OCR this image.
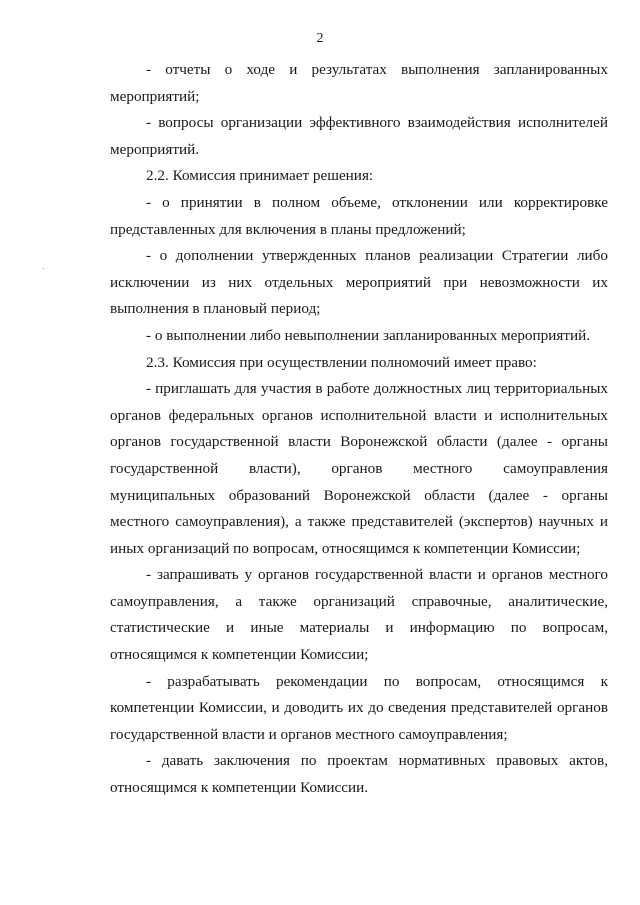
2

- отчеты о ходе и результатах выполнения запланированных мероприятий;

- вопросы организации эффективного взаимодействия исполнителей мероприятий.

2.2. Комиссия принимает решения:

- о принятии в полном объеме, отклонении или корректировке представленных для включения в планы предложений;

- о дополнении утвержденных планов реализации Стратегии либо исключении из них отдельных мероприятий при невозможности их выполнения в плановый период;

- о выполнении либо невыполнении запланированных мероприятий.

2.3. Комиссия при осуществлении полномочий имеет право:

- приглашать для участия в работе должностных лиц территориальных органов федеральных органов исполнительной власти и исполнительных органов государственной власти Воронежской области (далее - органы государственной власти), органов местного самоуправления муниципальных образований Воронежской области (далее - органы местного самоуправления), а также представителей (экспертов) научных и иных организаций по вопросам, относящимся к компетенции Комиссии;

- запрашивать у органов государственной власти и органов местного самоуправления, а также организаций справочные, аналитические, статистические и иные материалы и информацию по вопросам, относящимся к компетенции Комиссии;

- разрабатывать рекомендации по вопросам, относящимся к компетенции Комиссии, и доводить их до сведения представителей органов государственной власти и органов местного самоуправления;

- давать заключения по проектам нормативных правовых актов, относящимся к компетенции Комиссии.
